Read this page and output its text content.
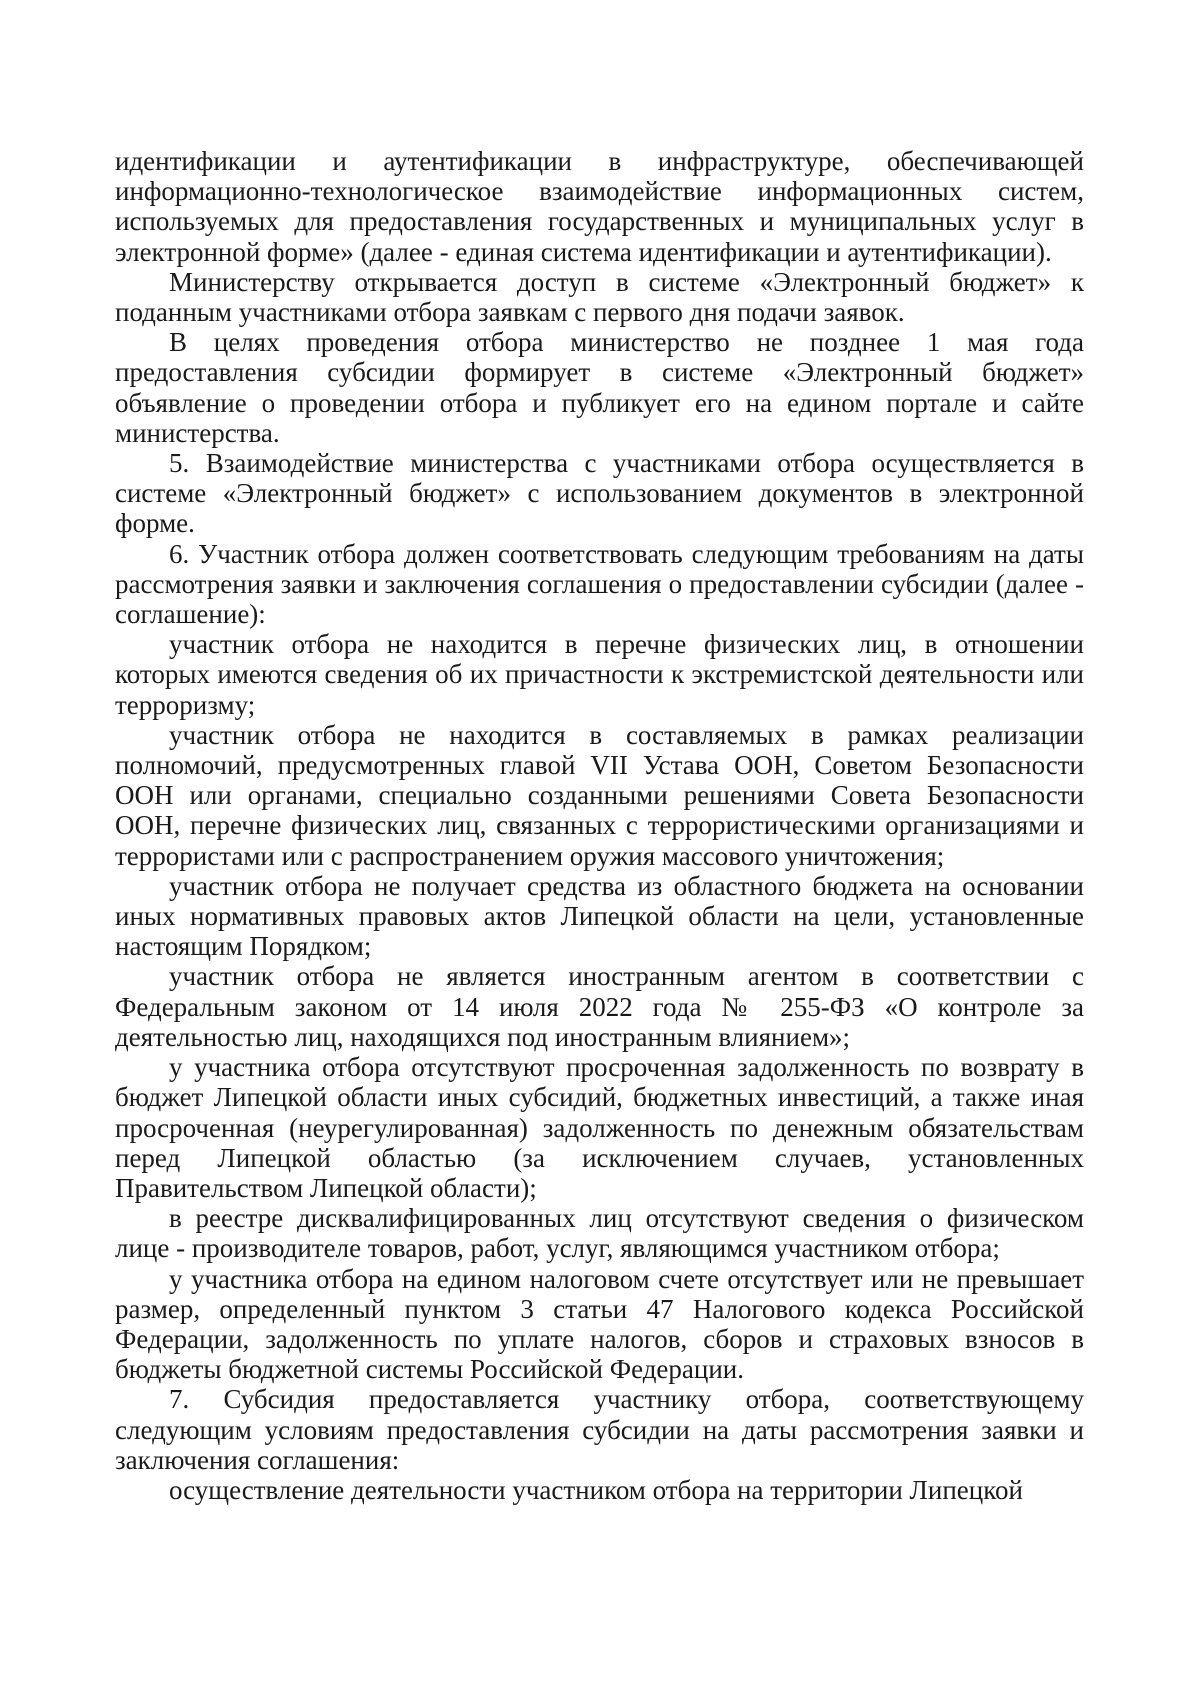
идентификации и аутентификации в инфраструктуре, обеспечивающей информационно-технологическое взаимодействие информационных систем, используемых для предоставления государственных и муниципальных услуг в электронной форме» (далее - единая система идентификации и аутентификации).

Министерству открывается доступ в системе «Электронный бюджет» к поданным участниками отбора заявкам с первого дня подачи заявок.

В целях проведения отбора министерство не позднее 1 мая года предоставления субсидии формирует в системе «Электронный бюджет» объявление о проведении отбора и публикует его на едином портале и сайте министерства.

5. Взаимодействие министерства с участниками отбора осуществляется в системе «Электронный бюджет» с использованием документов в электронной форме.

6. Участник отбора должен соответствовать следующим требованиям на даты рассмотрения заявки и заключения соглашения о предоставлении субсидии (далее - соглашение):

участник отбора не находится в перечне физических лиц, в отношении которых имеются сведения об их причастности к экстремистской деятельности или терроризму;

участник отбора не находится в составляемых в рамках реализации полномочий, предусмотренных главой VII Устава ООН, Советом Безопасности ООН или органами, специально созданными решениями Совета Безопасности ООН, перечне физических лиц, связанных с террористическими организациями и террористами или с распространением оружия массового уничтожения;

участник отбора не получает средства из областного бюджета на основании иных нормативных правовых актов Липецкой области на цели, установленные настоящим Порядком;

участник отбора не является иностранным агентом в соответствии с Федеральным законом от 14 июля 2022 года № 255-ФЗ «О контроле за деятельностью лиц, находящихся под иностранным влиянием»;

у участника отбора отсутствуют просроченная задолженность по возврату в бюджет Липецкой области иных субсидий, бюджетных инвестиций, а также иная просроченная (неурегулированная) задолженность по денежным обязательствам перед Липецкой областью (за исключением случаев, установленных Правительством Липецкой области);

в реестре дисквалифицированных лиц отсутствуют сведения о физическом лице - производителе товаров, работ, услуг, являющимся участником отбора;

у участника отбора на едином налоговом счете отсутствует или не превышает размер, определенный пунктом 3 статьи 47 Налогового кодекса Российской Федерации, задолженность по уплате налогов, сборов и страховых взносов в бюджеты бюджетной системы Российской Федерации.

7. Субсидия предоставляется участнику отбора, соответствующему следующим условиям предоставления субсидии на даты рассмотрения заявки и заключения соглашения:

осуществление деятельности участником отбора на территории Липецкой
